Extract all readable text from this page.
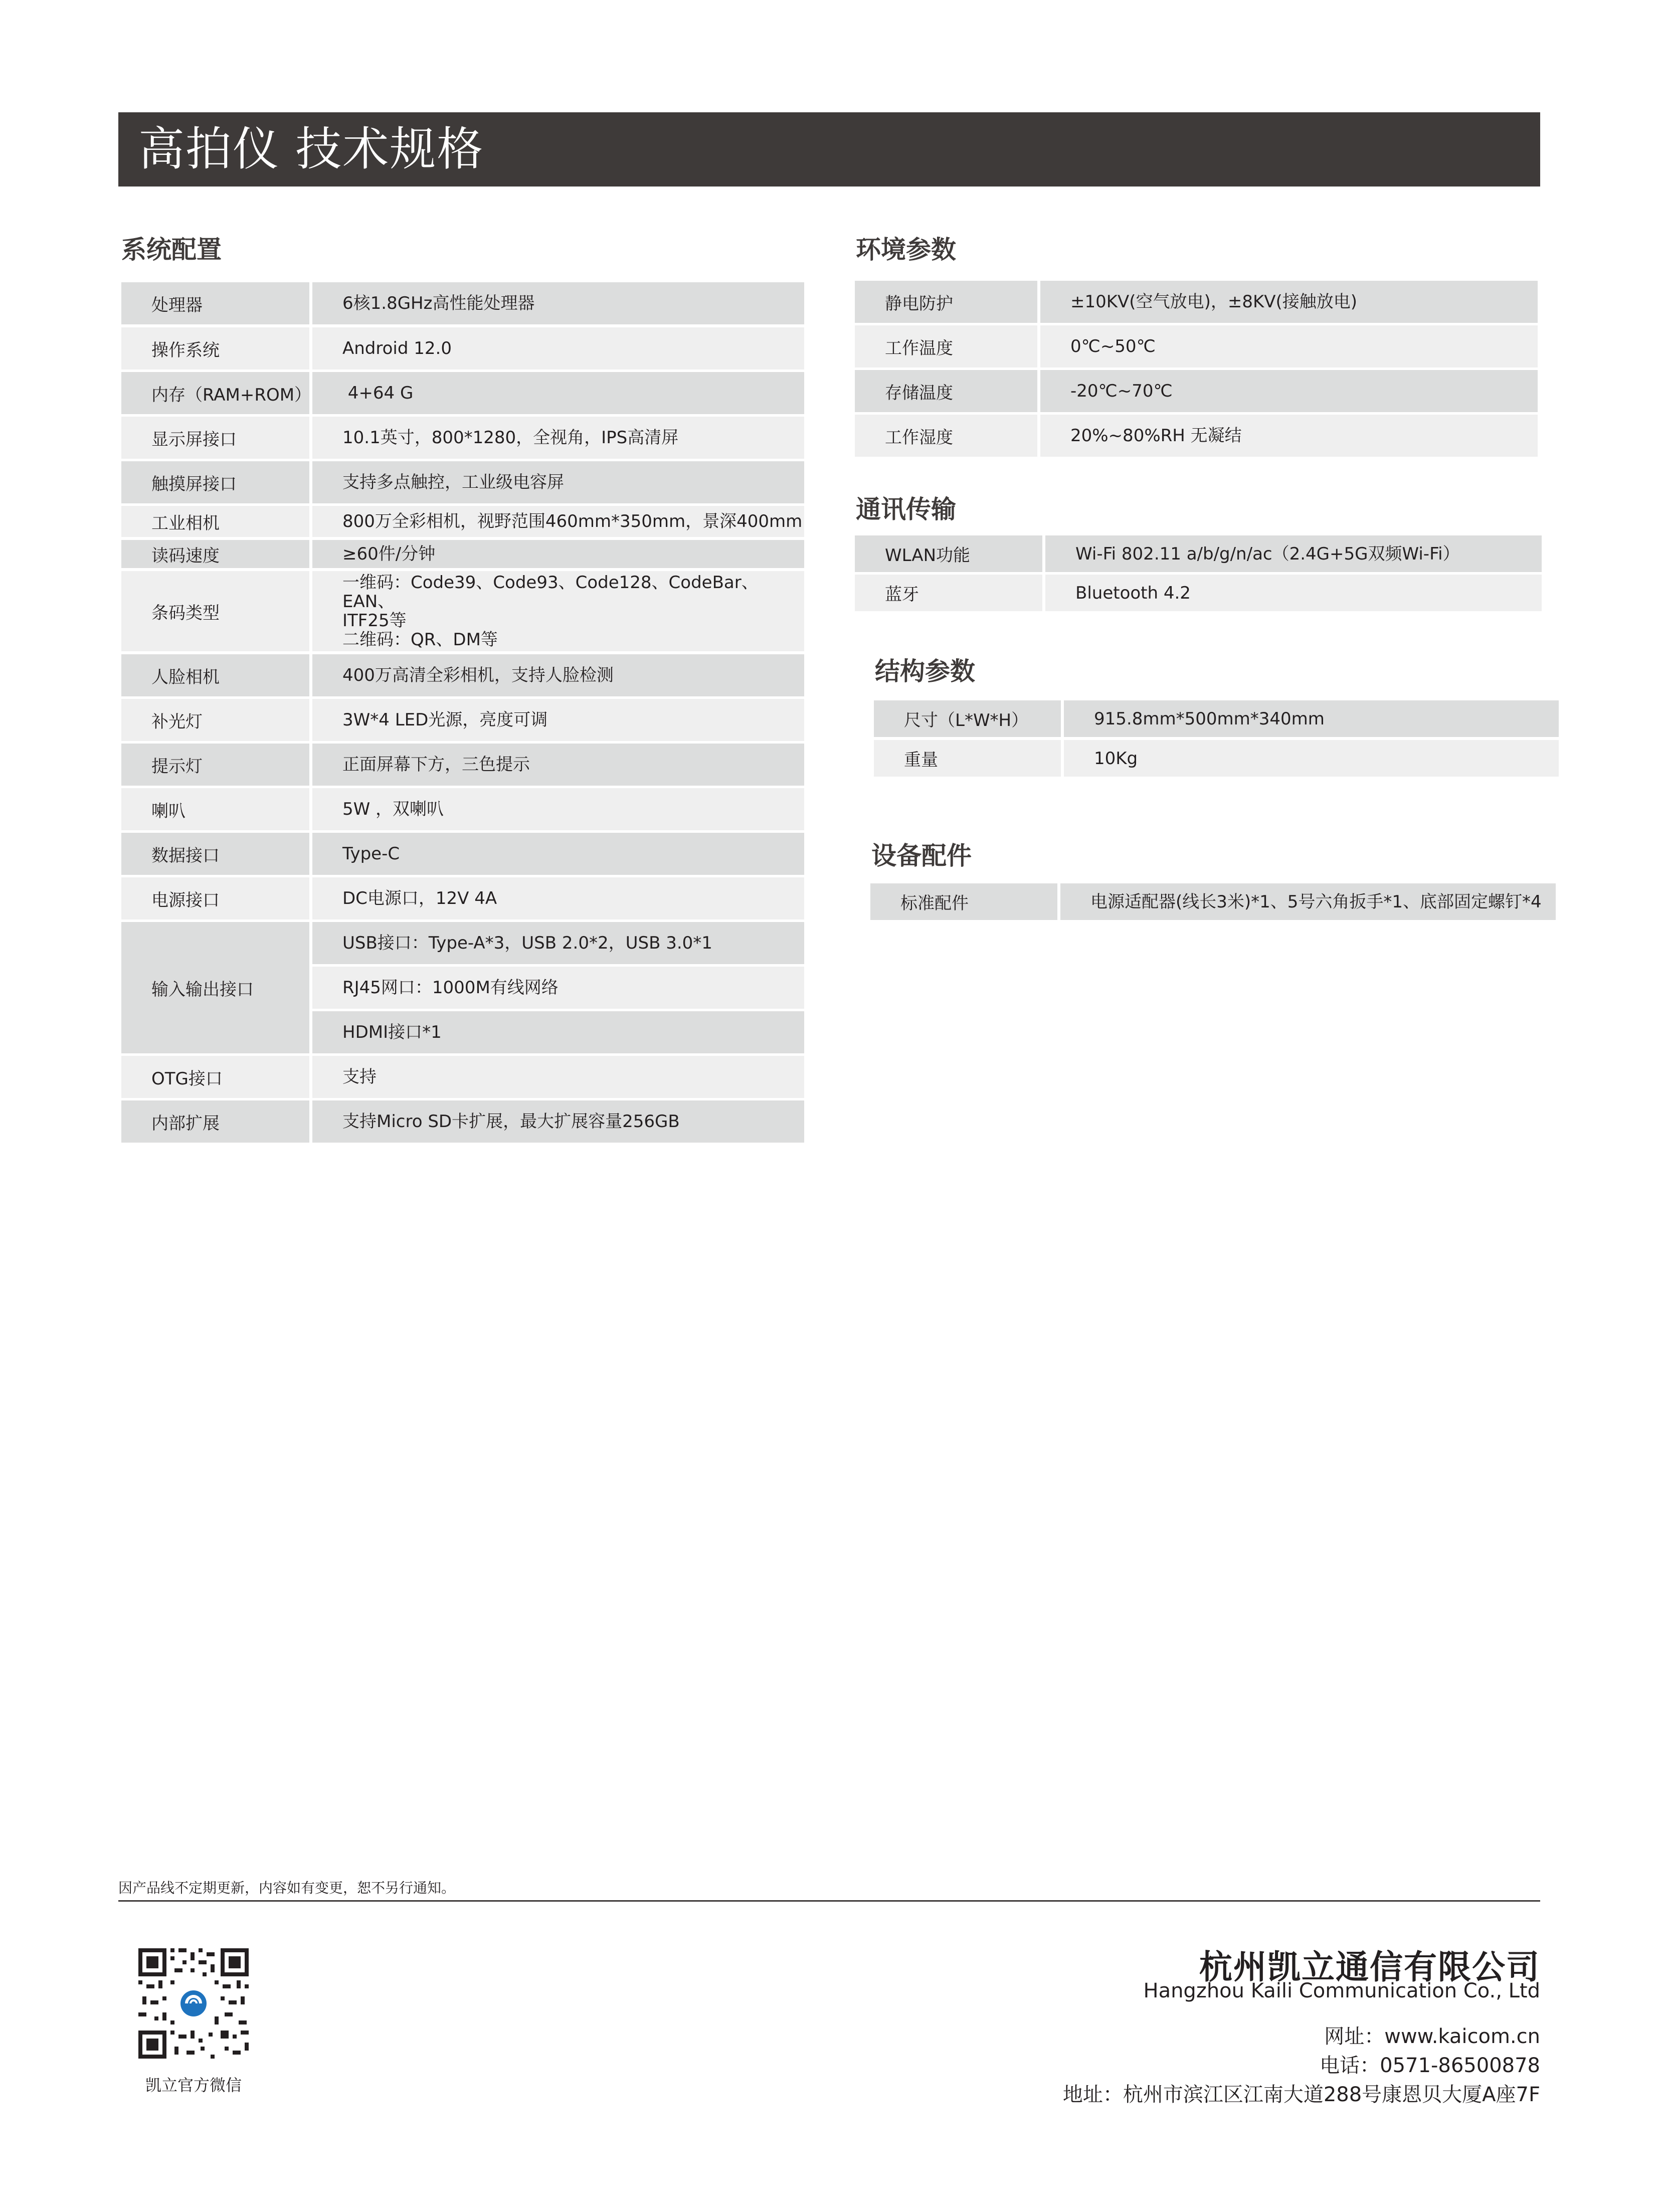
高拍仪 技术规格
系统配置
处理器	6核1.8GHz高性能处理器
操作系统	Android 12.0
内存（RAM+ROM）	4+64 G
显示屏接口	10.1英寸，800*1280，全视角，IPS高清屏
触摸屏接口	支持多点触控，工业级电容屏
工业相机	800万全彩相机，视野范围460mm*350mm，景深400mm
读码速度	≥60件/分钟
条码类型
一维码：Code39、Code93、Code128、CodeBar、EAN、
ITF25等
二维码：QR、DM等
人脸相机	400万高清全彩相机，支持人脸检测
补光灯	3W*4 LED光源，亮度可调
提示灯	正面屏幕下方，三色提示
喇叭	5W ，双喇叭
数据接口	Type-C
电源接口	DC电源口，12V 4A
输入输出接口
USB接口：Type-A*3，USB 2.0*2，USB 3.0*1
RJ45网口：1000M有线网络
HDMI接口*1
OTG接口	支持
内部扩展	支持Micro SD卡扩展，最大扩展容量256GB
环境参数
静电防护	±10KV(空气放电)，±8KV(接触放电)
工作温度	0℃~50℃
存储温度	-20℃~70℃
工作湿度	20%~80%RH 无凝结
通讯传输
WLAN功能	Wi-Fi 802.11 a/b/g/n/ac（2.4G+5G双频Wi-Fi）
蓝牙	Bluetooth 4.2
结构参数
尺寸（L*W*H）	915.8mm*500mm*340mm
重量	10Kg
设备配件
标准配件	电源适配器(线长3米)*1、5号六角扳手*1、底部固定螺钉*4
因产品线不定期更新，内容如有变更，恕不另行通知。
凯立官方微信
杭州凯立通信有限公司
Hangzhou Kaili Communication Co., Ltd
网址：www.kaicom.cn
电话：0571-86500878
地址：杭州市滨江区江南大道288号康恩贝大厦A座7F
